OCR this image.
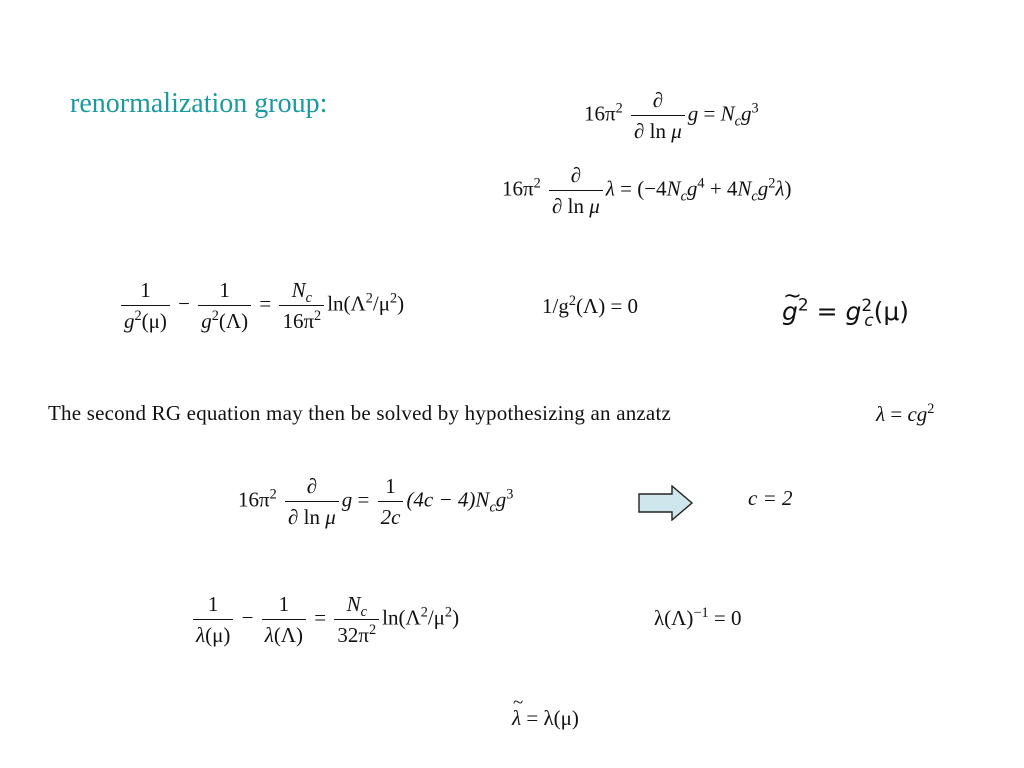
renormalization group:	$16\pi^2 \frac{\partial}{\text{∂ ln μ}}$ $g = N_cg^3$
$16\pi^2 \frac{\partial}{\text{∂ ln μ}}$ $\lambda = (-4N_cg^4 + 4N_cg^2\lambda)$
$\frac{1}{g^2(\mu)} - \frac{1}{g^2(\Lambda)} = \frac{N_c}{16\pi^2} \ln(\Lambda^2/\mu^2)$	$1/g^2(\Lambda) = 0$
~	$g^2 = g^2_c(\mu)$
The second RG equation may then be solved by hypothesizing an anzatz	$\lambda = cg^2$
$16\pi^2 \frac{\partial}{\text{∂ ln μ}}$ $g = \frac{1}{2c} (4c - 4)N_cg^3$	c = 2
$\frac{1}{\lambda(\mu)} - \frac{1}{\lambda(\Lambda)} = \frac{N_c}{32\pi^2} \ln(\Lambda^2/\mu^2)$	$\lambda(\Lambda)^{-1} = 0$
~ λ = λ(μ)
